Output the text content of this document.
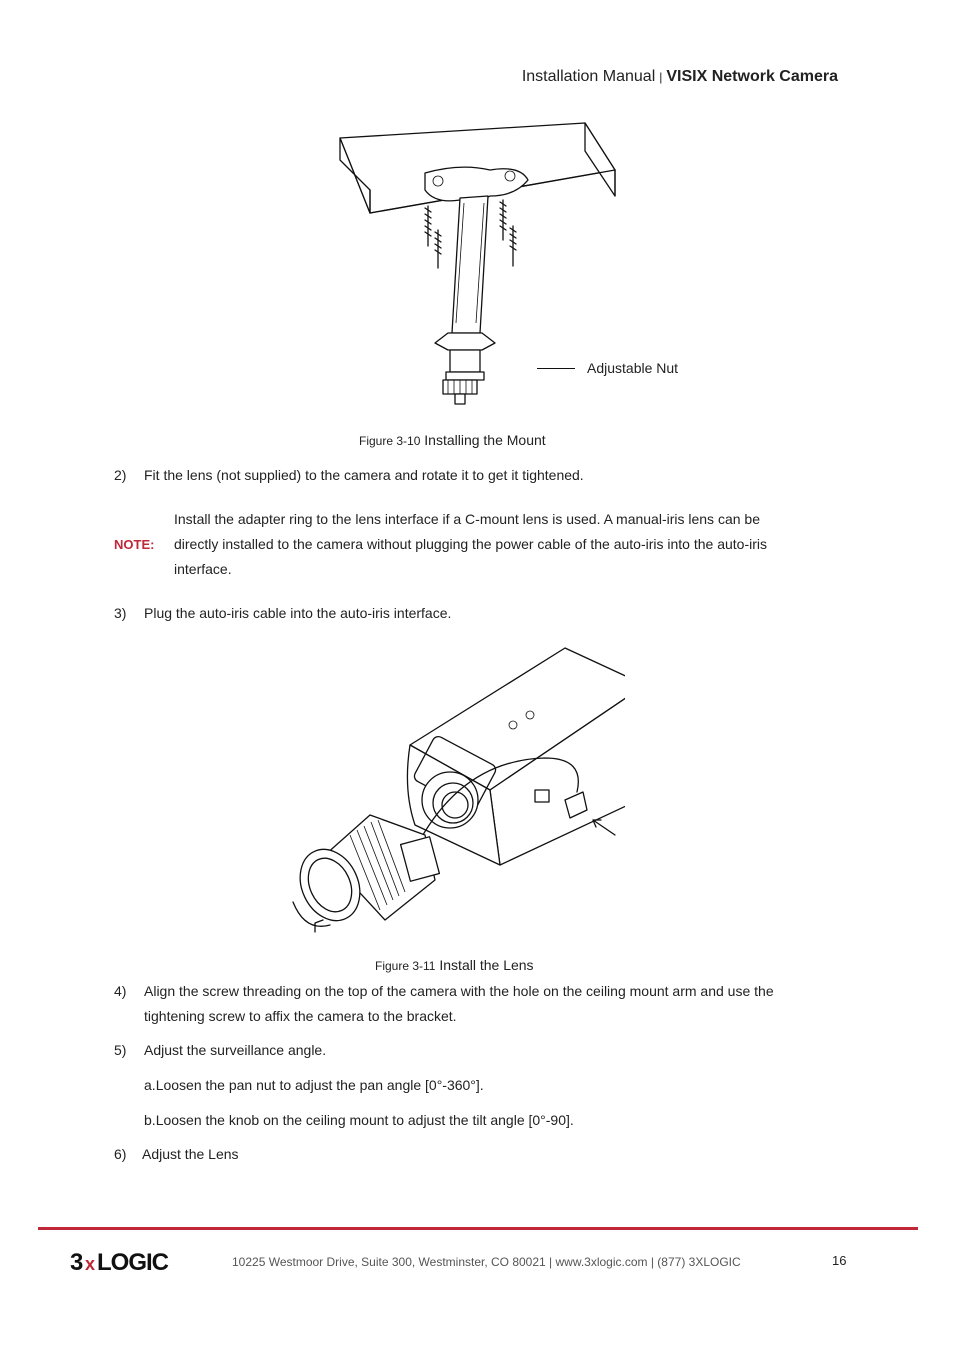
Installation Manual | VISIX Network Camera
Adjustable Nut
Figure 3-10 Installing the Mount
2) Fit the lens (not supplied) to the camera and rotate it to get it tightened.
NOTE:
Install the adapter ring to the lens interface if a C-mount lens is used. A manual-iris lens can be
directly installed to the camera without plugging the power cable of the auto-iris into the auto-iris
interface.
3) Plug the auto-iris cable into the auto-iris interface.
Figure 3-11 Install the Lens
4) Align the screw threading on the top of the camera with the hole on the ceiling mount arm and use the
tightening screw to affix the camera to the bracket.
5) Adjust the surveillance angle.
a.Loosen the pan nut to adjust the pan angle [0°-360°].
b.Loosen the knob on the ceiling mount to adjust the tilt angle [0°-90].
6) Adjust the Lens
3 x LOGIC	10225 Westmoor Drive, Suite 300, Westminster, CO 80021 | www.3xlogic.com | (877) 3XLOGIC	16
